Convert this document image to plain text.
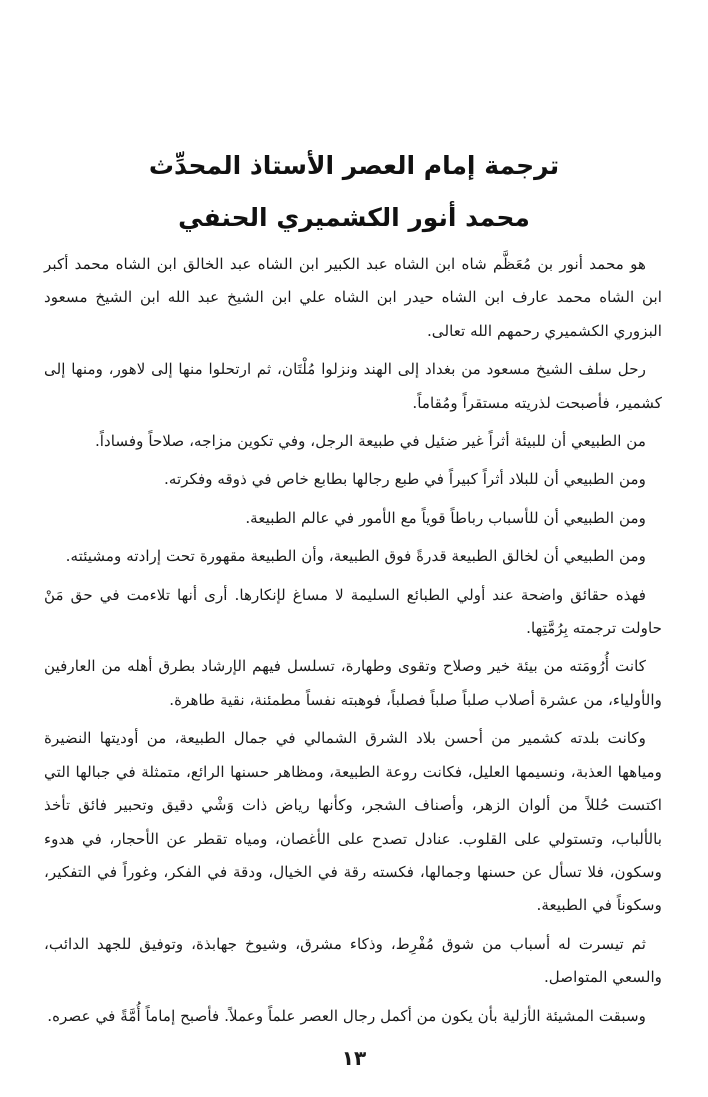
ترجمة إمام العصر الأستاذ المحدِّث
محمد أنور الكشميري الحنفي

هو محمد أنور بن مُعَظَّم شاه ابن الشاه عبد الكبير ابن الشاه عبد الخالق ابن الشاه محمد أكبر ابن الشاه محمد عارف ابن الشاه حيدر ابن الشاه علي ابن الشيخ عبد الله ابن الشيخ مسعود البزوري الكشميري رحمهم الله تعالى.

رحل سلف الشيخ مسعود من بغداد إلى الهند ونزلوا مُلْتَان، ثم ارتحلوا منها إلى لاهور، ومنها إلى كشمير، فأصبحت لذريته مستقراً ومُقاماً.

من الطبيعي أن للبيئة أثراً غير ضئيل في طبيعة الرجل، وفي تكوين مزاجه، صلاحاً وفساداً.

ومن الطبيعي أن للبلاد أثراً كبيراً في طبع رجالها بطابع خاص في ذوقه وفكرته.

ومن الطبيعي أن للأسباب رباطاً قوياً مع الأمور في عالم الطبيعة.

ومن الطبيعي أن لخالق الطبيعة قدرةً فوق الطبيعة، وأن الطبيعة مقهورة تحت إرادته ومشيئته.

فهذه حقائق واضحة عند أولي الطبائع السليمة لا مساغ لإنكارها. أرى أنها تلاءمت في حق مَنْ حاولت ترجمته بِرُمَّتِها.

كانت أُرُومَته من بيئة خير وصلاح وتقوى وطهارة، تسلسل فيهم الإرشاد بطرق أهله من العارفين والأولياء، من عشرة أصلاب صلباً صلباً فصلباً، فوهبته نفساً مطمئنة، نقية طاهرة.

وكانت بلدته كشمير من أحسن بلاد الشرق الشمالي في جمال الطبيعة، من أوديتها النضيرة ومياهها العذبة، ونسيمها العليل، فكانت روعة الطبيعة، ومظاهر حسنها الرائع، متمثلة في جبالها التي اكتست حُللاً من ألوان الزهر، وأصناف الشجر، وكأنها رياض ذات وَشْي دقيق وتحبير فائق تأخذ بالألباب، وتستولي على القلوب. عنادل تصدح على الأغصان، ومياه تقطر عن الأحجار، في هدوء وسكون، فلا تسأل عن حسنها وجمالها، فكسته رقة في الخيال، ودقة في الفكر، وغوراً في التفكير، وسكوناً في الطبيعة.

ثم تيسرت له أسباب من شوق مُفْرِط، وذكاء مشرق، وشيوخ جهابذة، وتوفيق للجهد الدائب، والسعي المتواصل.

وسبقت المشيئة الأزلية بأن يكون من أكمل رجال العصر علماً وعملاً. فأصبح إماماً أُمَّةً في عصره.

١٣
